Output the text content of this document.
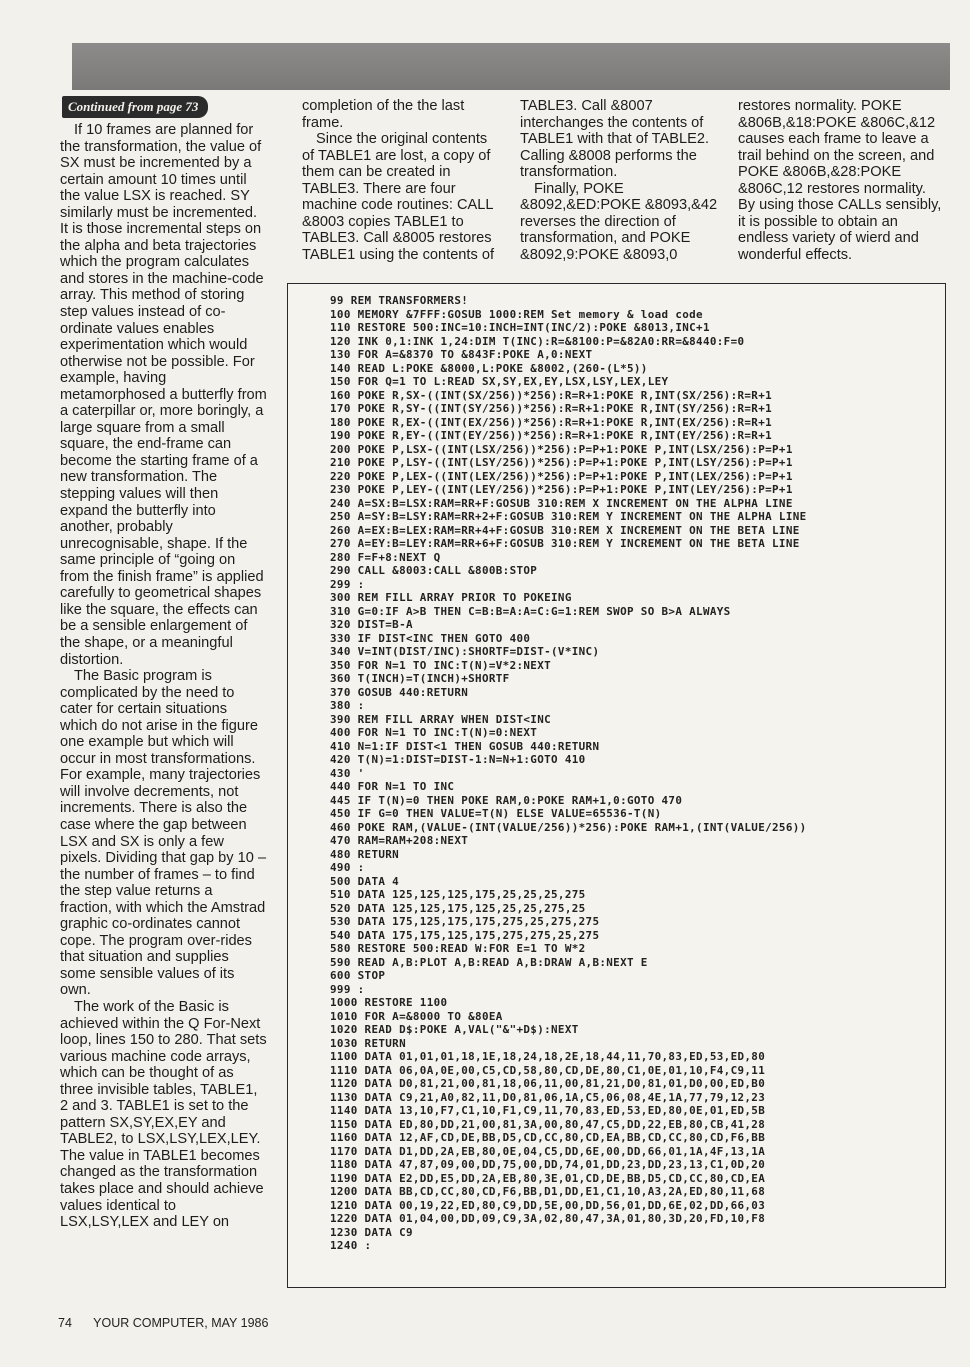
Continued from page 73

If 10 frames are planned for the transformation, the value of SX must be incremented by a certain amount 10 times until the value LSX is reached. SY similarly must be incremented. It is those incremental steps on the alpha and beta trajectories which the program calculates and stores in the machine-code array. This method of storing step values instead of co-ordinate values enables experimentation which would otherwise not be possible. For example, having metamorphosed a butterfly from a caterpillar or, more boringly, a large square from a small square, the end-frame can become the starting frame of a new transformation. The stepping values will then expand the butterfly into another, probably unrecognisable, shape. If the same principle of “going on from the finish frame” is applied carefully to geometrical shapes like the square, the effects can be a sensible enlargement of the shape, or a meaningful distortion.

The Basic program is complicated by the need to cater for certain situations which do not arise in the figure one example but which will occur in most transformations. For example, many trajectories will involve decrements, not increments. There is also the case where the gap between LSX and SX is only a few pixels. Dividing that gap by 10 – the number of frames – to find the step value returns a fraction, with which the Amstrad graphic co-ordinates cannot cope. The program over-rides that situation and supplies some sensible values of its own.

The work of the Basic is achieved within the Q For-Next loop, lines 150 to 280. That sets various machine code arrays, which can be thought of as three invisible tables, TABLE1, 2 and 3. TABLE1 is set to the pattern SX,SY,EX,EY and TABLE2, to LSX,LSY,LEX,LEY. The value in TABLE1 becomes changed as the transformation takes place and should achieve values identical to LSX,LSY,LEX and LEY on

completion of the the last frame.

Since the original contents of TABLE1 are lost, a copy of them can be created in TABLE3. There are four machine code routines: CALL &8003 copies TABLE1 to TABLE3. Call &8005 restores TABLE1 using the contents of

TABLE3. Call &8007 interchanges the contents of TABLE1 with that of TABLE2. Calling &8008 performs the transformation.

Finally, POKE &8092,&ED:POKE &8093,&42 reverses the direction of transformation, and POKE &8092,9:POKE &8093,0

restores normality. POKE &806B,&18:POKE &806C,&12 causes each frame to leave a trail behind on the screen, and POKE &806B,&28:POKE &806C,12 restores normality. By using those CALLs sensibly, it is possible to obtain an endless variety of wierd and wonderful effects.

99 REM TRANSFORMERS!
100 MEMORY &7FFF:GOSUB 1000:REM Set memory & load code
110 RESTORE 500:INC=10:INCH=INT(INC/2):POKE &8013,INC+1
120 INK 0,1:INK 1,24:DIM T(INC):R=&8100:P=&82A0:RR=&8440:F=0
130 FOR A=&8370 TO &843F:POKE A,0:NEXT
140 READ L:POKE &8000,L:POKE &8002,(260-(L*5))
150 FOR Q=1 TO L:READ SX,SY,EX,EY,LSX,LSY,LEX,LEY
160 POKE R,SX-((INT(SX/256))*256):R=R+1:POKE R,INT(SX/256):R=R+1
170 POKE R,SY-((INT(SY/256))*256):R=R+1:POKE R,INT(SY/256):R=R+1
180 POKE R,EX-((INT(EX/256))*256):R=R+1:POKE R,INT(EX/256):R=R+1
190 POKE R,EY-((INT(EY/256))*256):R=R+1:POKE R,INT(EY/256):R=R+1
200 POKE P,LSX-((INT(LSX/256))*256):P=P+1:POKE P,INT(LSX/256):P=P+1
210 POKE P,LSY-((INT(LSY/256))*256):P=P+1:POKE P,INT(LSY/256):P=P+1
220 POKE P,LEX-((INT(LEX/256))*256):P=P+1:POKE P,INT(LEX/256):P=P+1
230 POKE P,LEY-((INT(LEY/256))*256):P=P+1:POKE P,INT(LEY/256):P=P+1
240 A=SX:B=LSX:RAM=RR+F:GOSUB 310:REM X INCREMENT ON THE ALPHA LINE
250 A=SY:B=LSY:RAM=RR+2+F:GOSUB 310:REM Y INCREMENT ON THE ALPHA LINE
260 A=EX:B=LEX:RAM=RR+4+F:GOSUB 310:REM X INCREMENT ON THE BETA LINE
270 A=EY:B=LEY:RAM=RR+6+F:GOSUB 310:REM Y INCREMENT ON THE BETA LINE
280 F=F+8:NEXT Q
290 CALL &8003:CALL &800B:STOP
299 :
300 REM FILL ARRAY PRIOR TO POKEING
310 G=0:IF A>B THEN C=B:B=A:A=C:G=1:REM SWOP SO B>A ALWAYS
320 DIST=B-A
330 IF DIST<INC THEN GOTO 400
340 V=INT(DIST/INC):SHORTF=DIST-(V*INC)
350 FOR N=1 TO INC:T(N)=V*2:NEXT
360 T(INCH)=T(INCH)+SHORTF
370 GOSUB 440:RETURN
380 :
390 REM FILL ARRAY WHEN DIST<INC
400 FOR N=1 TO INC:T(N)=0:NEXT
410 N=1:IF DIST<1 THEN GOSUB 440:RETURN
420 T(N)=1:DIST=DIST-1:N=N+1:GOTO 410
430 '
440 FOR N=1 TO INC
445 IF T(N)=0 THEN POKE RAM,0:POKE RAM+1,0:GOTO 470
450 IF G=0 THEN VALUE=T(N) ELSE VALUE=65536-T(N)
460 POKE RAM,(VALUE-(INT(VALUE/256))*256):POKE RAM+1,(INT(VALUE/256))
470 RAM=RAM+208:NEXT
480 RETURN
490 :
500 DATA 4
510 DATA 125,125,125,175,25,25,25,275
520 DATA 125,125,175,125,25,25,275,25
530 DATA 175,125,175,175,275,25,275,275
540 DATA 175,175,125,175,275,275,25,275
580 RESTORE 500:READ W:FOR E=1 TO W*2
590 READ A,B:PLOT A,B:READ A,B:DRAW A,B:NEXT E
600 STOP
999 :
1000 RESTORE 1100
1010 FOR A=&8000 TO &80EA
1020 READ D$:POKE A,VAL("&"+D$):NEXT
1030 RETURN
1100 DATA 01,01,01,18,1E,18,24,18,2E,18,44,11,70,83,ED,53,ED,80
1110 DATA 06,0A,0E,00,C5,CD,58,80,CD,DE,80,C1,0E,01,10,F4,C9,11
1120 DATA D0,81,21,00,81,18,06,11,00,81,21,D0,81,01,D0,00,ED,B0
1130 DATA C9,21,A0,82,11,D0,81,06,1A,C5,06,08,4E,1A,77,79,12,23
1140 DATA 13,10,F7,C1,10,F1,C9,11,70,83,ED,53,ED,80,0E,01,ED,5B
1150 DATA ED,80,DD,21,00,81,3A,00,80,47,C5,DD,22,EB,80,CB,41,28
1160 DATA 12,AF,CD,DE,BB,D5,CD,CC,80,CD,EA,BB,CD,CC,80,CD,F6,BB
1170 DATA D1,DD,2A,EB,80,0E,04,C5,DD,6E,00,DD,66,01,1A,4F,13,1A
1180 DATA 47,87,09,00,DD,75,00,DD,74,01,DD,23,DD,23,13,C1,0D,20
1190 DATA E2,DD,E5,DD,2A,EB,80,3E,01,CD,DE,BB,D5,CD,CC,80,CD,EA
1200 DATA BB,CD,CC,80,CD,F6,BB,D1,DD,E1,C1,10,A3,2A,ED,80,11,68
1210 DATA 00,19,22,ED,80,C9,DD,5E,00,DD,56,01,DD,6E,02,DD,66,03
1220 DATA 01,04,00,DD,09,C9,3A,02,80,47,3A,01,80,3D,20,FD,10,F8
1230 DATA C9
1240 :
74 YOUR COMPUTER, MAY 1986
